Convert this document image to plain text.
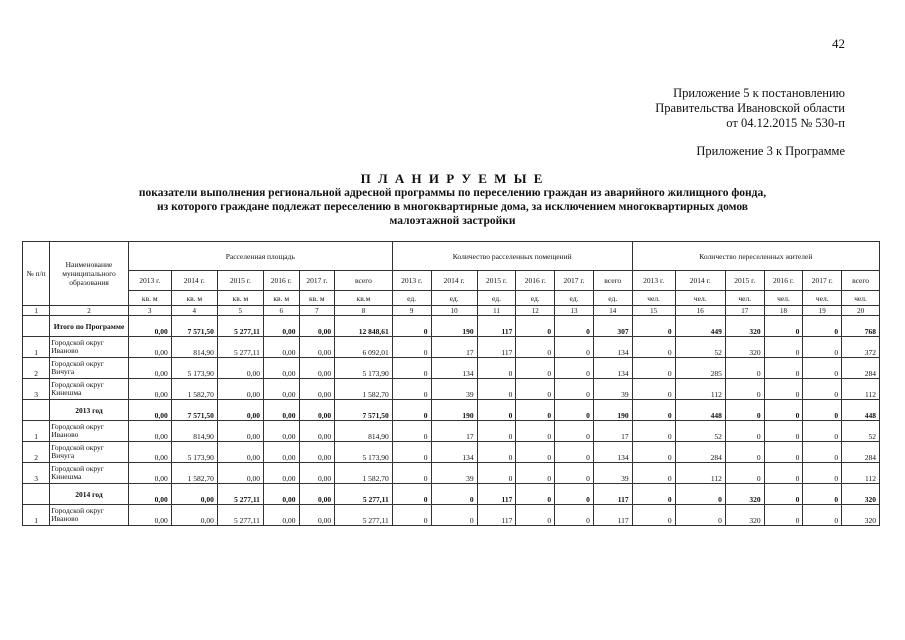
42
Приложение 5 к постановлению
Правительства Ивановской области
от 04.12.2015 № 530-п
Приложение 3 к Программе
П Л А Н И Р У Е М Ы Е
показатели выполнения региональной адресной программы по переселению граждан из аварийного жилищного фонда,
из которого граждане подлежат переселению в многоквартирные дома, за исключением многоквартирных домов
малоэтажной застройки
№ п/п	Наименование муниципального образования	Расселенная площадь						Количество расселенных помещений						Количество переселенных жителей					
		2013 г.	2014 г.	2015 г.	2016 г.	2017 г.	всего	2013 г.	2014 г.	2015 г.	2016 г.	2017 г.	всего	2013 г.	2014 г.	2015 г.	2016 г.	2017 г.	всего
		кв. м	кв. м	кв. м	кв. м	кв. м	кв.м	ед.	ед.	ед.	ед.	ед.	ед.	чел.	чел.	чел.	чел.	чел.	чел.
1	2	3	4	5	6	7	8	9	10	11	12	13	14	15	16	17	18	19	20
	Итого по Программе	0,00	7 571,50	5 277,11	0,00	0,00	12 848,61	0	190	117	0	0	307	0	449	320	0	0	768
1	Городской округ Иваново	0,00	814,90	5 277,11	0,00	0,00	6 092,01	0	17	117	0	0	134	0	52	320	0	0	372
2	Городской округ Вичуга	0,00	5 173,90	0,00	0,00	0,00	5 173,90	0	134	0	0	0	134	0	285	0	0	0	284
3	Городской округ Кинешма	0,00	1 582,70	0,00	0,00	0,00	1 582,70	0	39	0	0	0	39	0	112	0	0	0	112
	2013 год	0,00	7 571,50	0,00	0,00	0,00	7 571,50	0	190	0	0	0	190	0	448	0	0	0	448
1	Городской округ Иваново	0,00	814,90	0,00	0,00	0,00	814,90	0	17	0	0	0	17	0	52	0	0	0	52
2	Городской округ Вичуга	0,00	5 173,90	0,00	0,00	0,00	5 173,90	0	134	0	0	0	134	0	284	0	0	0	284
3	Городской округ Кинешма	0,00	1 582,70	0,00	0,00	0,00	1 582,70	0	39	0	0	0	39	0	112	0	0	0	112
	2014 год	0,00	0,00	5 277,11	0,00	0,00	5 277,11	0	0	117	0	0	117	0	0	320	0	0	320
1	Городской округ Иваново	0,00	0,00	5 277,11	0,00	0,00	5 277,11	0	0	117	0	0	117	0	0	320	0	0	320
